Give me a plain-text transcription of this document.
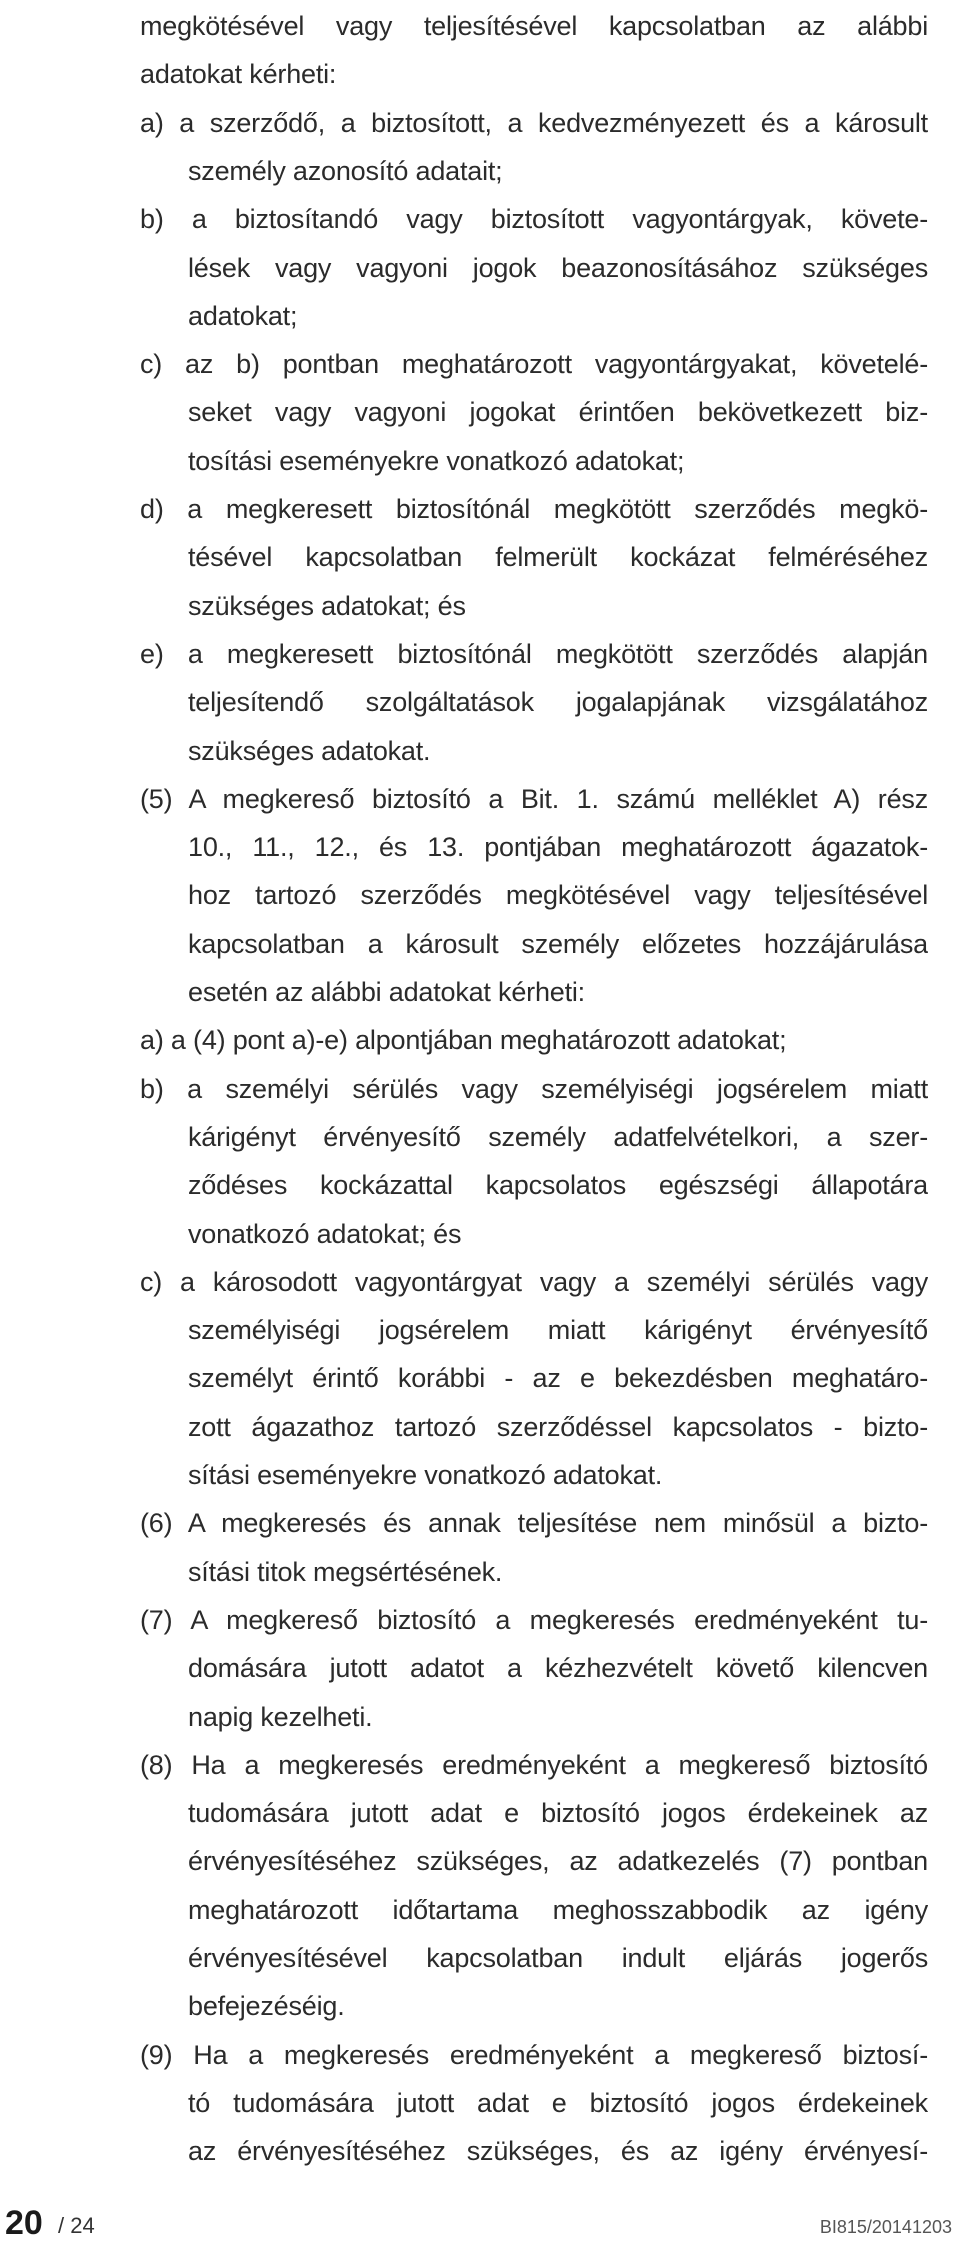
megkötésével vagy teljesítésével kapcsolatban az alábbi
adatokat kérheti:
a) a szerződő, a biztosított, a kedvezményezett és a károsult
személy azonosító adatait;
b) a biztosítandó vagy biztosított vagyontárgyak, követe-
lések vagy vagyoni jogok beazonosításához szükséges
adatokat;
c) az b) pontban meghatározott vagyontárgyakat, követelé-
seket vagy vagyoni jogokat érintően bekövetkezett biz-
tosítási eseményekre vonatkozó adatokat;
d) a megkeresett biztosítónál megkötött szerződés megkö-
tésével kapcsolatban felmerült kockázat felméréséhez
szükséges adatokat; és
e) a megkeresett biztosítónál megkötött szerződés alapján
teljesítendő szolgáltatások jogalapjának vizsgálatához
szükséges adatokat.
(5) A megkereső biztosító a Bit. 1. számú melléklet A) rész
10., 11., 12., és 13. pontjában meghatározott ágazatok-
hoz tartozó szerződés megkötésével vagy teljesítésével
kapcsolatban a károsult személy előzetes hozzájárulása
esetén az alábbi adatokat kérheti:
a) a (4) pont a)-e) alpontjában meghatározott adatokat;
b) a személyi sérülés vagy személyiségi jogsérelem miatt
kárigényt érvényesítő személy adatfelvételkori, a szer-
ződéses kockázattal kapcsolatos egészségi állapotára
vonatkozó adatokat; és
c) a károsodott vagyontárgyat vagy a személyi sérülés vagy
személyiségi jogsérelem miatt kárigényt érvényesítő
személyt érintő korábbi - az e bekezdésben meghatáro-
zott ágazathoz tartozó szerződéssel kapcsolatos - bizto-
sítási eseményekre vonatkozó adatokat.
(6) A megkeresés és annak teljesítése nem minősül a bizto-
sítási titok megsértésének.
(7) A megkereső biztosító a megkeresés eredményeként tu-
domására jutott adatot a kézhezvételt követő kilencven
napig kezelheti.
(8) Ha a megkeresés eredményeként a megkereső biztosító
tudomására jutott adat e biztosító jogos érdekeinek az
érvényesítéséhez szükséges, az adatkezelés (7) pontban
meghatározott időtartama meghosszabbodik az igény
érvényesítésével kapcsolatban indult eljárás jogerős
befejezéséig.
(9) Ha a megkeresés eredményeként a megkereső biztosí-
tó tudomására jutott adat e biztosító jogos érdekeinek
az érvényesítéséhez szükséges, és az igény érvényesí-
20 / 24	BI815/20141203
